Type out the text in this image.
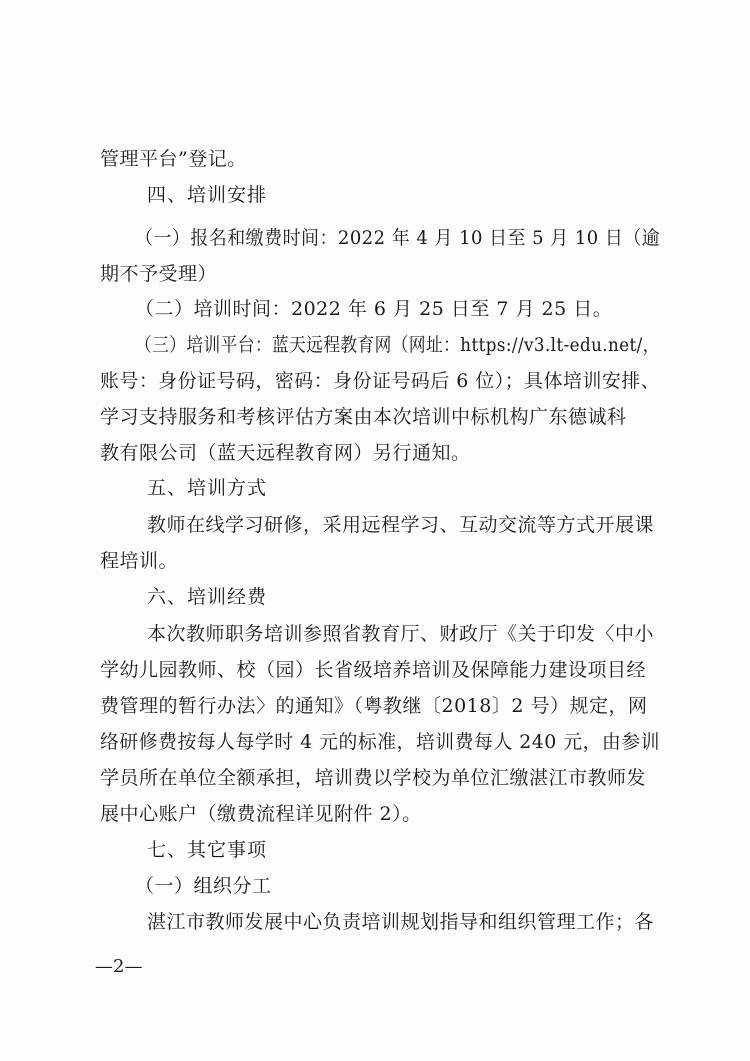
管理平台”登记。
四、培训安排
（一）报名和缴费时间：2022 年 4 月 10 日至 5 月 10 日（逾
期不予受理）
（二）培训时间：2022 年 6 月 25 日至 7 月 25 日。
（三）培训平台：蓝天远程教育网（网址：https://v3.lt-edu.net/，
账号：身份证号码，密码：身份证号码后 6 位）；具体培训安排、
学习支持服务和考核评估方案由本次培训中标机构广东德诚科
教有限公司（蓝天远程教育网）另行通知。
五、培训方式
教师在线学习研修，采用远程学习、互动交流等方式开展课
程培训。
六、培训经费
本次教师职务培训参照省教育厅、财政厅《关于印发〈中小
学幼儿园教师、校（园）长省级培养培训及保障能力建设项目经
费管理的暂行办法〉的通知》（粤教继〔2018〕2 号）规定，网
络研修费按每人每学时 4 元的标准，培训费每人 240 元，由参训
学员所在单位全额承担，培训费以学校为单位汇缴湛江市教师发
展中心账户（缴费流程详见附件 2）。
七、其它事项
（一）组织分工
湛江市教师发展中心负责培训规划指导和组织管理工作；各
—2—
